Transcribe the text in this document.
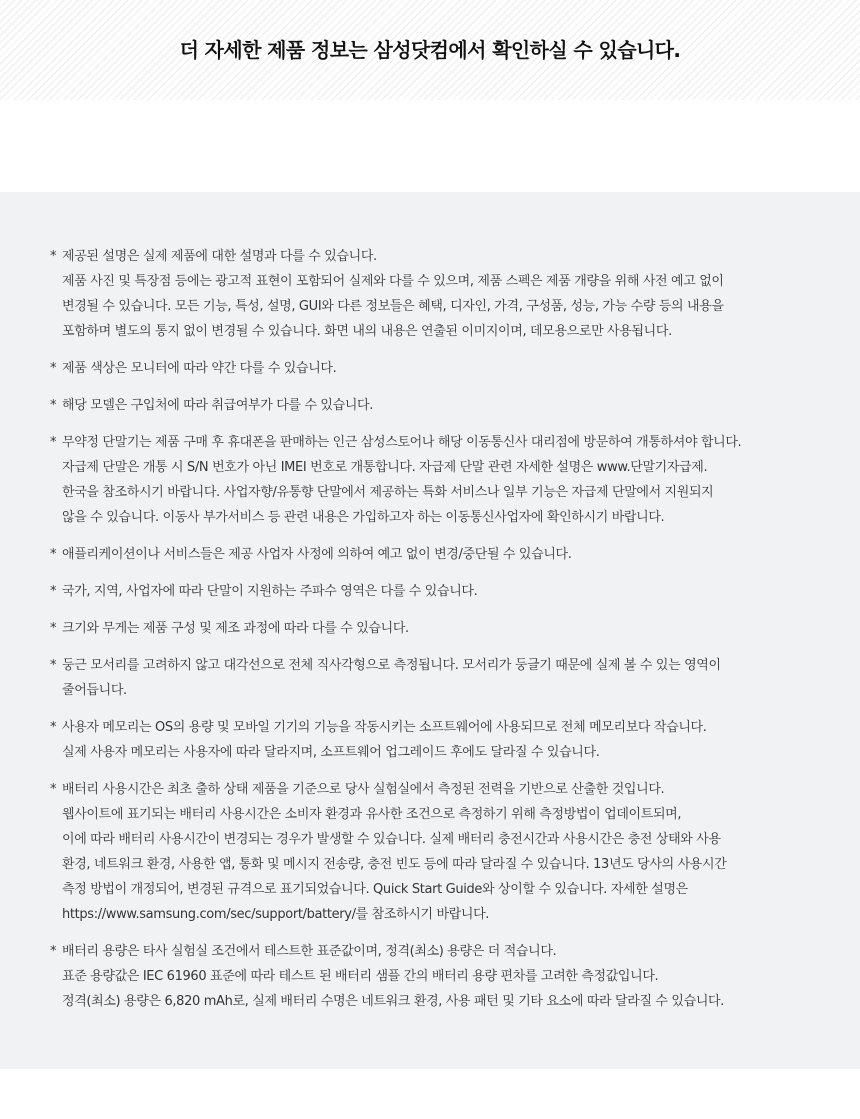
더 자세한 제품 정보는 삼성닷컴에서 확인하실 수 있습니다.
* 제공된 설명은 실제 제품에 대한 설명과 다를 수 있습니다.
제품 사진 및 특장점 등에는 광고적 표현이 포함되어 실제와 다를 수 있으며, 제품 스펙은 제품 개량을 위해 사전 예고 없이
변경될 수 있습니다. 모든 기능, 특성, 설명, GUI와 다른 정보들은 혜택, 디자인, 가격, 구성품, 성능, 가능 수량 등의 내용을
포함하며 별도의 통지 없이 변경될 수 있습니다. 화면 내의 내용은 연출된 이미지이며, 데모용으로만 사용됩니다.
* 제품 색상은 모니터에 따라 약간 다를 수 있습니다.
* 해당 모델은 구입처에 따라 취급여부가 다를 수 있습니다.
* 무약정 단말기는 제품 구매 후 휴대폰을 판매하는 인근 삼성스토어나 해당 이동통신사 대리점에 방문하여 개통하셔야 합니다.
자급제 단말은 개통 시 S/N 번호가 아닌 IMEI 번호로 개통합니다. 자급제 단말 관련 자세한 설명은 www.단말기자급제.
한국을 참조하시기 바랍니다. 사업자향/유통향 단말에서 제공하는 특화 서비스나 일부 기능은 자급제 단말에서 지원되지
않을 수 있습니다. 이동사 부가서비스 등 관련 내용은 가입하고자 하는 이동통신사업자에 확인하시기 바랍니다.
* 애플리케이션이나 서비스들은 제공 사업자 사정에 의하여 예고 없이 변경/중단될 수 있습니다.
* 국가, 지역, 사업자에 따라 단말이 지원하는 주파수 영역은 다를 수 있습니다.
* 크기와 무게는 제품 구성 및 제조 과정에 따라 다를 수 있습니다.
* 둥근 모서리를 고려하지 않고 대각선으로 전체 직사각형으로 측정됩니다. 모서리가 둥글기 때문에 실제 볼 수 있는 영역이
줄어듭니다.
* 사용자 메모리는 OS의 용량 및 모바일 기기의 기능을 작동시키는 소프트웨어에 사용되므로 전체 메모리보다 작습니다.
실제 사용자 메모리는 사용자에 따라 달라지며, 소프트웨어 업그레이드 후에도 달라질 수 있습니다.
* 배터리 사용시간은 최초 출하 상태 제품을 기준으로 당사 실험실에서 측정된 전력을 기반으로 산출한 것입니다.
웹사이트에 표기되는 배터리 사용시간은 소비자 환경과 유사한 조건으로 측정하기 위해 측정방법이 업데이트되며,
이에 따라 배터리 사용시간이 변경되는 경우가 발생할 수 있습니다. 실제 배터리 충전시간과 사용시간은 충전 상태와 사용
환경, 네트워크 환경, 사용한 앱, 통화 및 메시지 전송량, 충전 빈도 등에 따라 달라질 수 있습니다. 13년도 당사의 사용시간
측정 방법이 개정되어, 변경된 규격으로 표기되었습니다. Quick Start Guide와 상이할 수 있습니다. 자세한 설명은
https://www.samsung.com/sec/support/battery/를 참조하시기 바랍니다.
* 배터리 용량은 타사 실험실 조건에서 테스트한 표준값이며, 정격(최소) 용량은 더 적습니다.
표준 용량값은 IEC 61960 표준에 따라 테스트 된 배터리 샘플 간의 배터리 용량 편차를 고려한 측정값입니다.
정격(최소) 용량은 6,820 mAh로, 실제 배터리 수명은 네트워크 환경, 사용 패턴 및 기타 요소에 따라 달라질 수 있습니다.
